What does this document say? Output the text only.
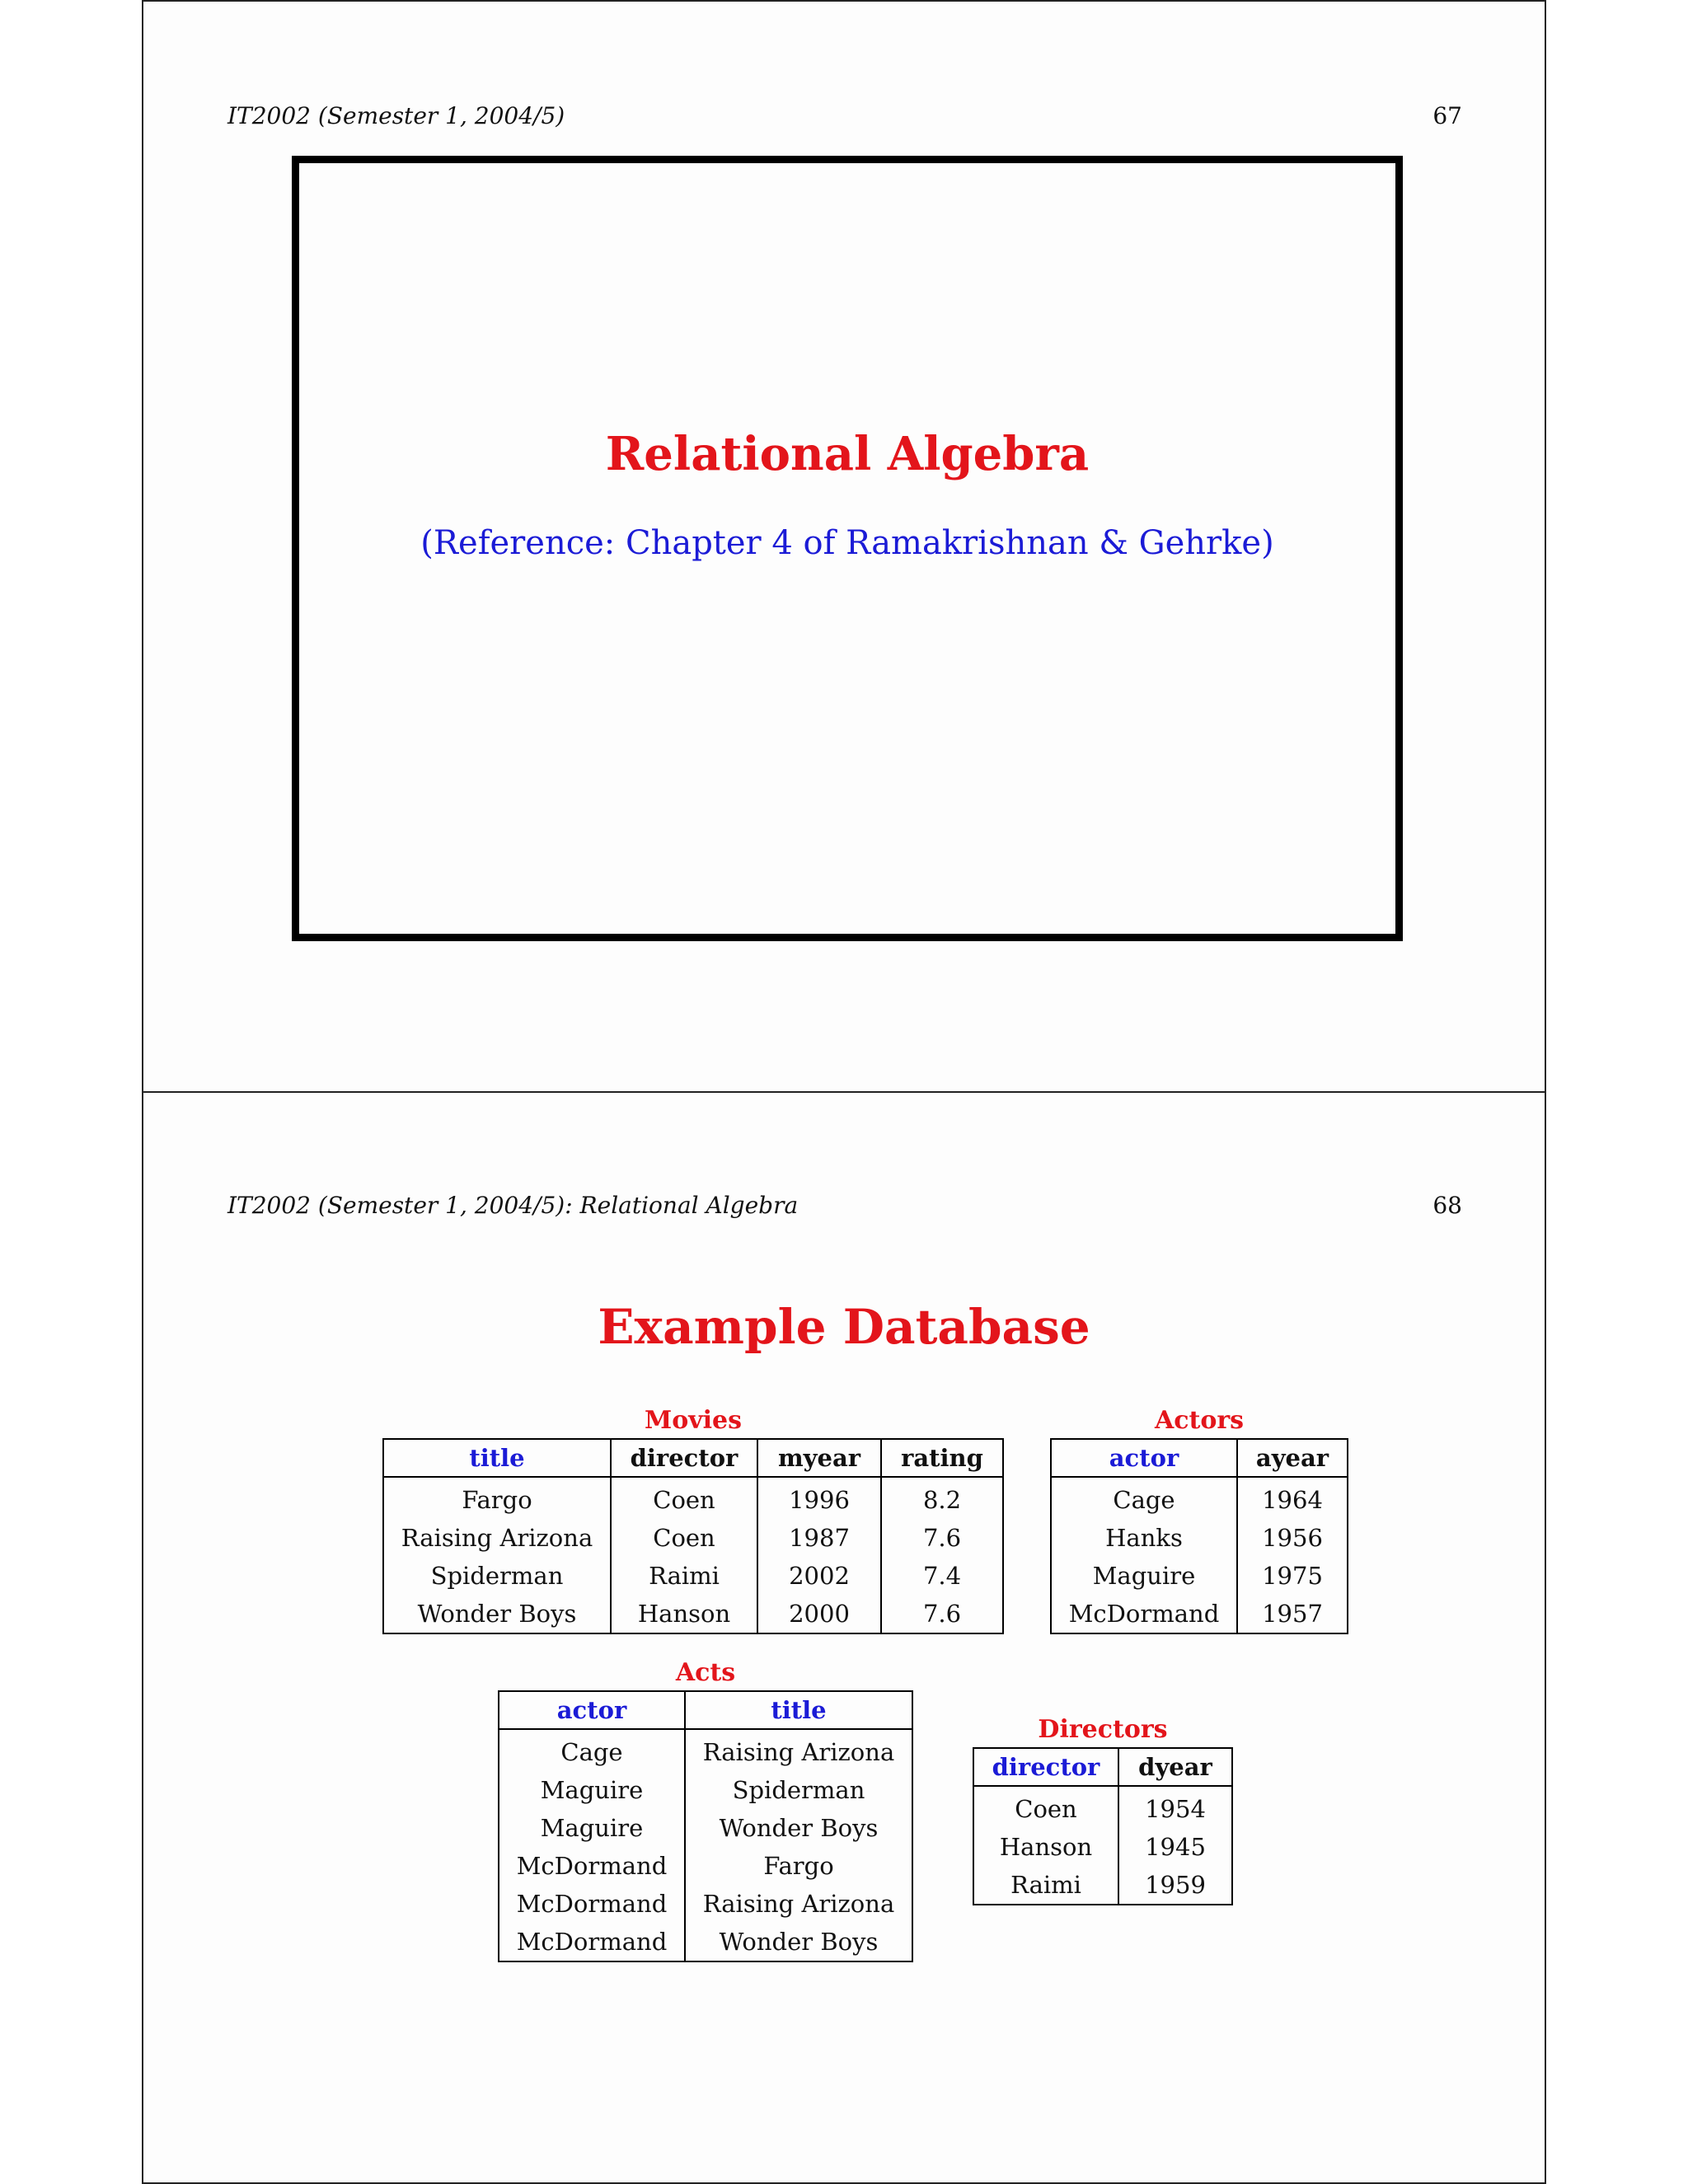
IT2002 (Semester 1, 2004/5)	67
Relational Algebra
(Reference: Chapter 4 of Ramakrishnan & Gehrke)
IT2002 (Semester 1, 2004/5): Relational Algebra	68
Example Database
Movies
title	director	myear	rating
Fargo	Coen	1996	8.2
Raising Arizona	Coen	1987	7.6
Spiderman	Raimi	2002	7.4
Wonder Boys	Hanson	2000	7.6
Actors
actor	ayear
Cage	1964
Hanks	1956
Maguire	1975
McDormand	1957
Acts
actor	title
Cage	Raising Arizona
Maguire	Spiderman
Maguire	Wonder Boys
McDormand	Fargo
McDormand	Raising Arizona
McDormand	Wonder Boys
Directors
director	dyear
Coen	1954
Hanson	1945
Raimi	1959
